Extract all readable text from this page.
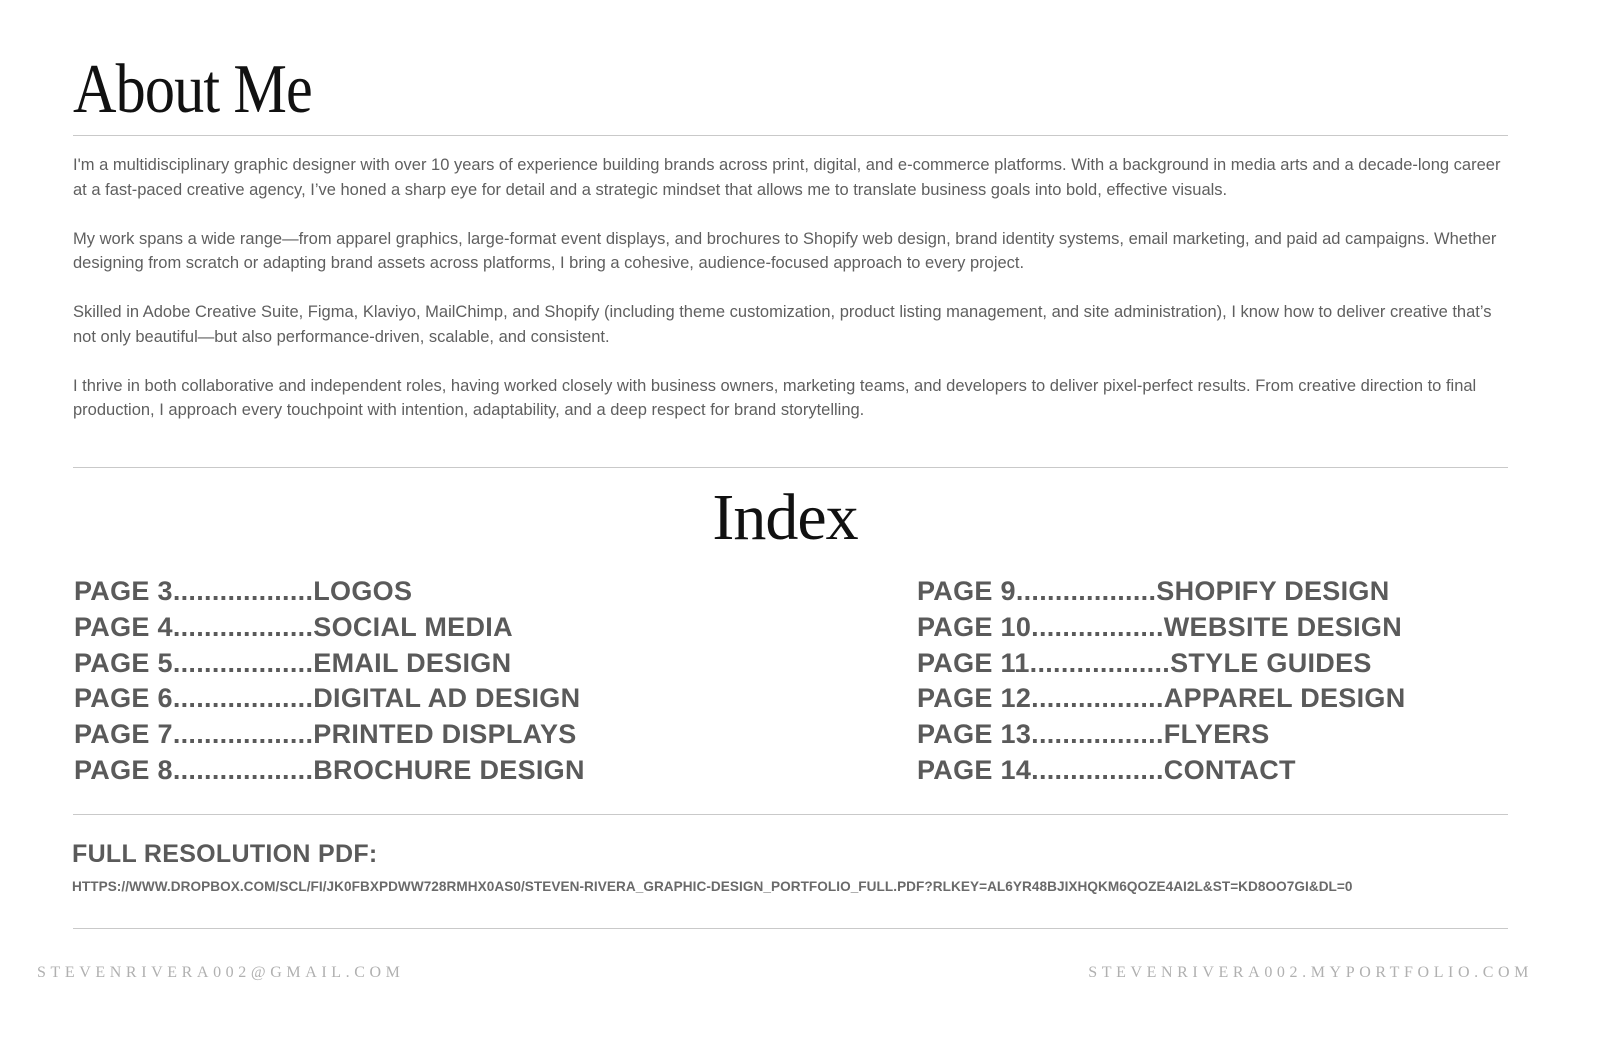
About Me

I'm a multidisciplinary graphic designer with over 10 years of experience building brands across print, digital, and e-commerce platforms. With a background in media arts and a decade-long career at a fast-paced creative agency, I’ve honed a sharp eye for detail and a strategic mindset that allows me to translate business goals into bold, effective visuals.

My work spans a wide range—from apparel graphics, large-format event displays, and brochures to Shopify web design, brand identity systems, email marketing, and paid ad campaigns. Whether designing from scratch or adapting brand assets across platforms, I bring a cohesive, audience-focused approach to every project.

Skilled in Adobe Creative Suite, Figma, Klaviyo, MailChimp, and Shopify (including theme customization, product listing management, and site administration), I know how to deliver creative that’s not only beautiful—but also performance-driven, scalable, and consistent.

I thrive in both collaborative and independent roles, having worked closely with business owners, marketing teams, and developers to deliver pixel-perfect results. From creative direction to final production, I approach every touchpoint with intention, adaptability, and a deep respect for brand storytelling.

Index
PAGE 3..................LOGOS
PAGE 4..................SOCIAL MEDIA
PAGE 5..................EMAIL DESIGN
PAGE 6..................DIGITAL AD DESIGN
PAGE 7..................PRINTED DISPLAYS
PAGE 8..................BROCHURE DESIGN
PAGE 9..................SHOPIFY DESIGN
PAGE 10.................WEBSITE DESIGN
PAGE 11..................STYLE GUIDES
PAGE 12.................APPAREL DESIGN
PAGE 13.................FLYERS
PAGE 14.................CONTACT
FULL RESOLUTION PDF:
HTTPS://WWW.DROPBOX.COM/SCL/FI/JK0FBXPDWW728RMHX0AS0/STEVEN-RIVERA_GRAPHIC-DESIGN_PORTFOLIO_FULL.PDF?RLKEY=AL6YR48BJIXHQKM6QOZE4AI2L&ST=KD8OO7GI&DL=0
STEVENRIVERA002@GMAIL.COM	STEVENRIVERA002.MYPORTFOLIO.COM
